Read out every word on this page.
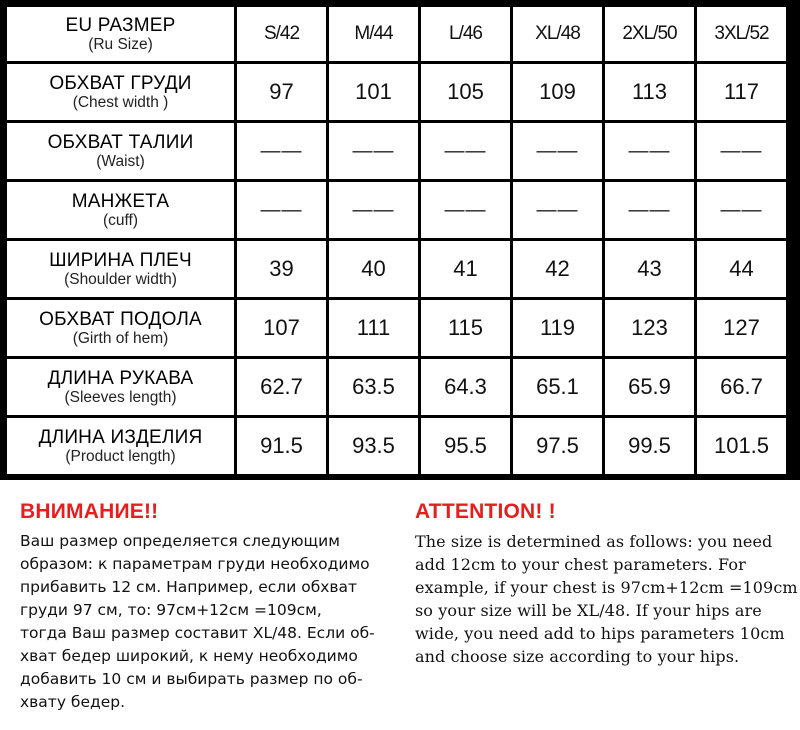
EU РАЗМЕР
(Ru Size)	S/42	M/44	L/46	XL/48	2XL/50	3XL/52

ОБХВАТ ГРУДИ
(Chest width )	97	101	105	109	113	117

ОБХВАТ ТАЛИИ
(Waist)	——	——	——	——	——	——

МАНЖЕТА
(cuff)	——	——	——	——	——	——

ШИРИНА ПЛЕЧ
(Shoulder width)	39	40	41	42	43	44

ОБХВАТ ПОДОЛА
(Girth of hem)	107	111	115	119	123	127

ДЛИНА РУКАВА
(Sleeves length)	62.7	63.5	64.3	65.1	65.9	66.7

ДЛИНА ИЗДЕЛИЯ
(Product length)	91.5	93.5	95.5	97.5	99.5	101.5
ВНИМАНИЕ!!
Ваш размер определяется следующим
образом: к параметрам груди необходимо
прибавить 12 см. Например, если обхват
груди 97 см, то: 97см+12см =109см,
тогда Ваш размер составит XL/48. Если об-
хват бедер широкий, к нему необходимо
добавить 10 см и выбирать размер по об-
хвату бедер.
ATTENTION! !
The size is determined as follows: you need
add 12cm to your chest parameters. For
example, if your chest is 97cm+12cm =109cm
so your size will be XL/48. If your hips are
wide, you need add to hips parameters 10cm
and choose size according to your hips.
